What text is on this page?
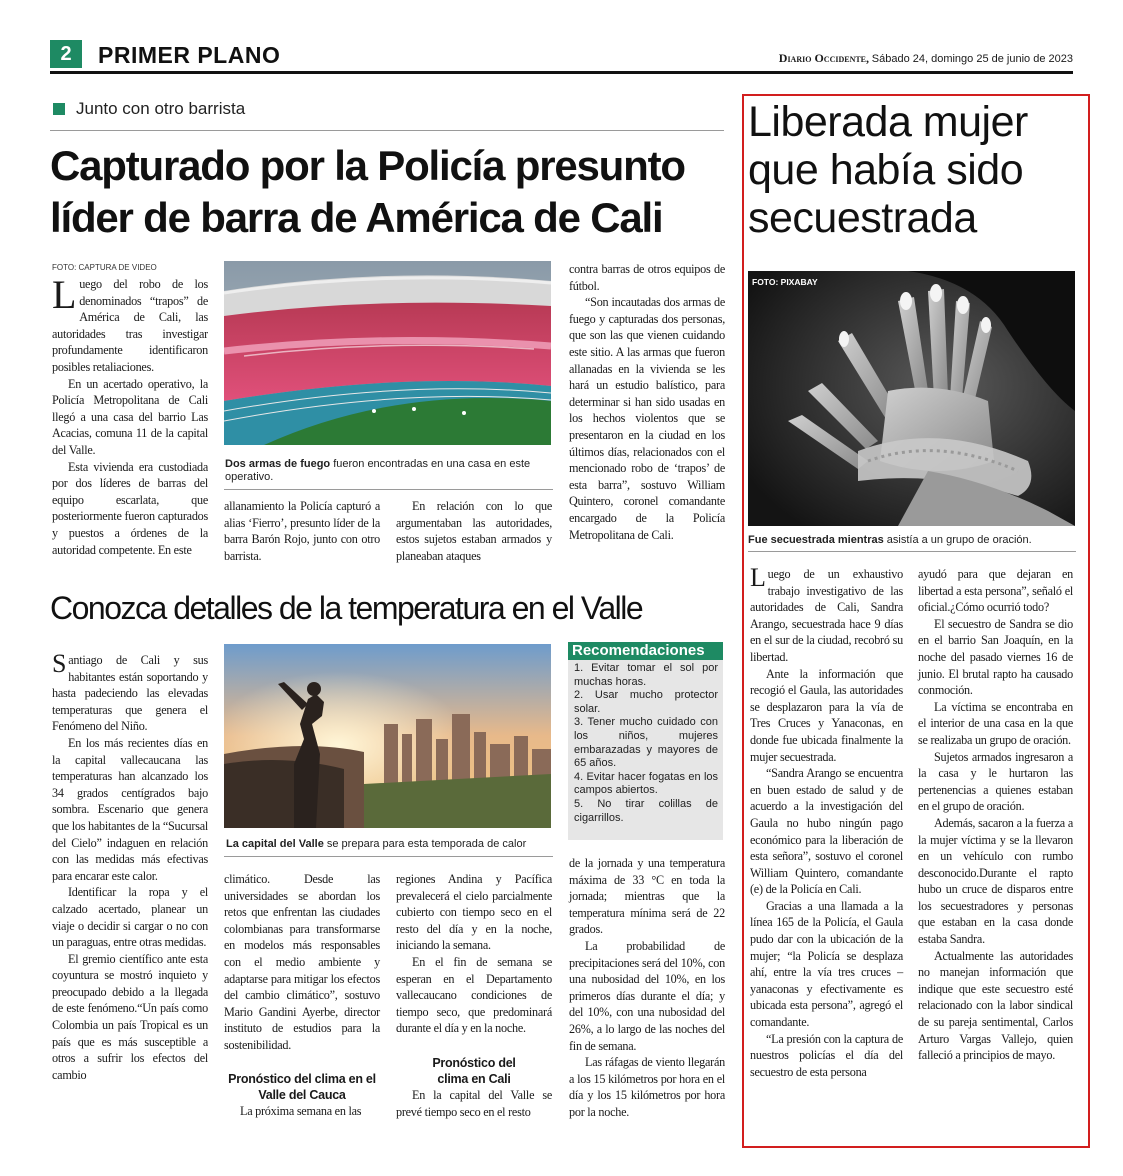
2	PRIMER PLANO	Diario Occidente, Sábado 24, domingo 25 de junio de 2023
Junto con otro barrista
Capturado por la Policía presunto
líder de barra de América de Cali
FOTO: CAPTURA DE VIDEO

Luego del robo de los denominados “trapos” de América de Cali, las autoridades tras investigar profundamente identificaron posibles retaliaciones.

En un acertado operativo, la Policía Metropolitana de Cali llegó a una casa del barrio Las Acacias, comuna 11 de la capital del Valle.

Esta vivienda era custodiada por dos líderes de barras del equipo escarlata, que posteriormente fueron capturados y puestos a órdenes de la autoridad competente. En este

Dos armas de fuego fueron encontradas en una casa en este operativo.

allanamiento la Policía capturó a alias ‘Fierro’, presunto líder de la barra Barón Rojo, junto con otro barrista.

En relación con lo que argumentaban las autoridades, estos sujetos estaban armados y planeaban ataques

contra barras de otros equipos de fútbol.

“Son incautadas dos armas de fuego y capturadas dos personas, que son las que vienen cuidando este sitio. A las armas que fueron allanadas en la vivienda se les hará un estudio balístico, para determinar si han sido usadas en los hechos violentos que se presentaron en la ciudad en los últimos días, relacionados con el mencionado robo de ‘trapos’ de esta barra”, sostuvo William Quintero, coronel comandante encargado de la Policía Metropolitana de Cali.

Conozca detalles de la temperatura en el Valle

Santiago de Cali y sus habitantes están soportando y hasta padeciendo las elevadas temperaturas que genera el Fenómeno del Niño.

En los más recientes días en la capital vallecaucana las temperaturas han alcanzado los 34 grados centígrados bajo sombra. Escenario que genera que los habitantes de la “Sucursal del Cielo” indaguen en relación con las medidas más efectivas para encarar este calor.

Identificar la ropa y el calzado acertado, planear un viaje o decidir si cargar o no con un paraguas, entre otras medidas.

El gremio científico ante esta coyuntura se mostró inquieto y preocupado debido a la llegada de este fenómeno.“Un país como Colombia un país Tropical es un país que es más susceptible a otros a sufrir los efectos del cambio

La capital del Valle se prepara para esta temporada de calor

climático. Desde las universidades se abordan los retos que enfrentan las ciudades colombianas para transformarse en modelos más responsables con el medio ambiente y adaptarse para mitigar los efectos del cambio climático”, sostuvo Mario Gandini Ayerbe, director instituto de estudios para la sostenibilidad.

Pronóstico del clima en el Valle del Cauca

La próxima semana en las

regiones Andina y Pacífica prevalecerá el cielo parcialmente cubierto con tiempo seco en el resto del día y en la noche, iniciando la semana.

En el fin de semana se esperan en el Departamento vallecaucano condiciones de tiempo seco, que predominará durante el día y en la noche.

Pronóstico del clima en Cali

En la capital del Valle se prevé tiempo seco en el resto

Recomendaciones
1. Evitar tomar el sol por muchas horas.
2. Usar mucho protector solar.
3. Tener mucho cuidado con los niños, mujeres embarazadas y mayores de 65 años.
4. Evitar hacer fogatas en los campos abiertos.
5. No tirar colillas de cigarrillos.

de la jornada y una temperatura máxima de 33 °C en toda la jornada; mientras que la temperatura mínima será de 22 grados.

La probabilidad de precipitaciones será del 10%, con una nubosidad del 10%, en los primeros días durante el día; y del 10%, con una nubosidad del 26%, a lo largo de las noches del fin de semana.

Las ráfagas de viento llegarán a los 15 kilómetros por hora en el día y los 15 kilómetros por hora por la noche.

Liberada mujer
que había sido
secuestrada
FOTO: PIXABAY
Fue secuestrada mientras asistía a un grupo de oración.

Luego de un exhaustivo trabajo investigativo de las autoridades de Cali, Sandra Arango, secuestrada hace 9 días en el sur de la ciudad, recobró su libertad.

Ante la información que recogió el Gaula, las autoridades se desplazaron para la vía de Tres Cruces y Yanaconas, en donde fue ubicada finalmente la mujer secuestrada.

“Sandra Arango se encuentra en buen estado de salud y de acuerdo a la investigación del Gaula no hubo ningún pago económico para la liberación de esta señora”, sostuvo el coronel William Quintero, comandante (e) de la Policía en Cali.

Gracias a una llamada a la línea 165 de la Policía, el Gaula pudo dar con la ubicación de la mujer; “la Policía se desplaza ahí, entre la vía tres cruces – yanaconas y efectivamente es ubicada esta persona”, agregó el comandante.

“La presión con la captura de nuestros policías el día del secuestro de esta persona

ayudó para que dejaran en libertad a esta persona”, señaló el oficial.¿Cómo ocurrió todo?

El secuestro de Sandra se dio en el barrio San Joaquín, en la noche del pasado viernes 16 de junio. El brutal rapto ha causado conmoción.

La víctima se encontraba en el interior de una casa en la que se realizaba un grupo de oración.

Sujetos armados ingresaron a la casa y le hurtaron las pertenencias a quienes estaban en el grupo de oración.

Además, sacaron a la fuerza a la mujer víctima y se la llevaron en un vehículo con rumbo desconocido.Durante el rapto hubo un cruce de disparos entre los secuestradores y personas que estaban en la casa donde estaba Sandra.

Actualmente las autoridades no manejan información que indique que este secuestro esté relacionado con la labor sindical de su pareja sentimental, Carlos Arturo Vargas Vallejo, quien falleció a principios de mayo.
